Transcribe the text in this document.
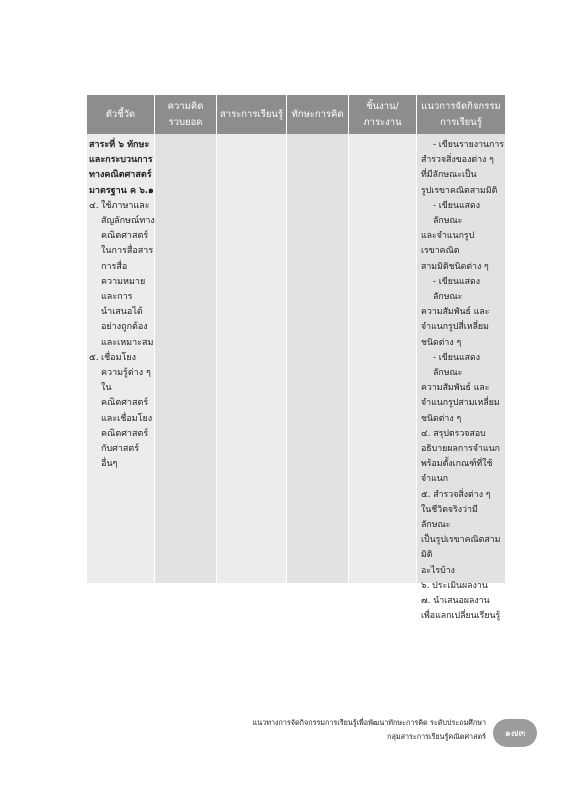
ตัวชี้วัด
สาระที่ ๖ ทักษะ
และกระบวนการ
ทางคณิตศาสตร์
มาตรฐาน ค ๖.๑
๔. ใช้ภาษาและ
สัญลักษณ์ทาง
คณิตศาสตร์
ในการสื่อสาร
การสื่อ
ความหมาย
และการ
นำเสนอได้
อย่างถูกต้อง
และเหมาะสม
๕. เชื่อมโยง
ความรู้ต่าง ๆ
ในคณิตศาสตร์
และเชื่อมโยง
คณิตศาสตร์
กับศาสตร์อื่นๆ
ความคิด
รวบยอด
สาระการเรียนรู้ ทักษะการคิด
ชิ้นงาน/
ภาระงาน
แนวการจัดกิจกรรม
การเรียนรู้
- เขียนรายงานการ
สำรวจสิ่งของต่าง ๆ
ที่มีลักษณะเป็น
รูปเรขาคณิตสามมิติ
- เขียนแสดงลักษณะ
และจำแนกรูปเรขาคณิต
สามมิติชนิดต่าง ๆ
- เขียนแสดงลักษณะ
ความสัมพันธ์ และ
จำแนกรูปสี่เหลี่ยม
ชนิดต่าง ๆ
- เขียนแสดงลักษณะ
ความสัมพันธ์ และ
จำแนกรูปสามเหลี่ยม
ชนิดต่าง ๆ
๔. สรุปตรวจสอบ
อธิบายผลการจำแนก
พร้อมตั้งเกณฑ์ที่ใช้
จำแนก
๕. สำรวจสิ่งต่าง ๆ
ในชีวิตจริงว่ามีลักษณะ
เป็นรูปเรขาคณิตสามมิติ
อะไรบ้าง
๖. ประเมินผลงาน
๗. นำเสนอผลงาน
เพื่อแลกเปลี่ยนเรียนรู้
แนวทางการจัดกิจกรรมการเรียนรู้เพื่อพัฒนาทักษะการคิด ระดับประถมศึกษา
กลุ่มสาระการเรียนรู้คณิตศาสตร์ ๑๗๓
